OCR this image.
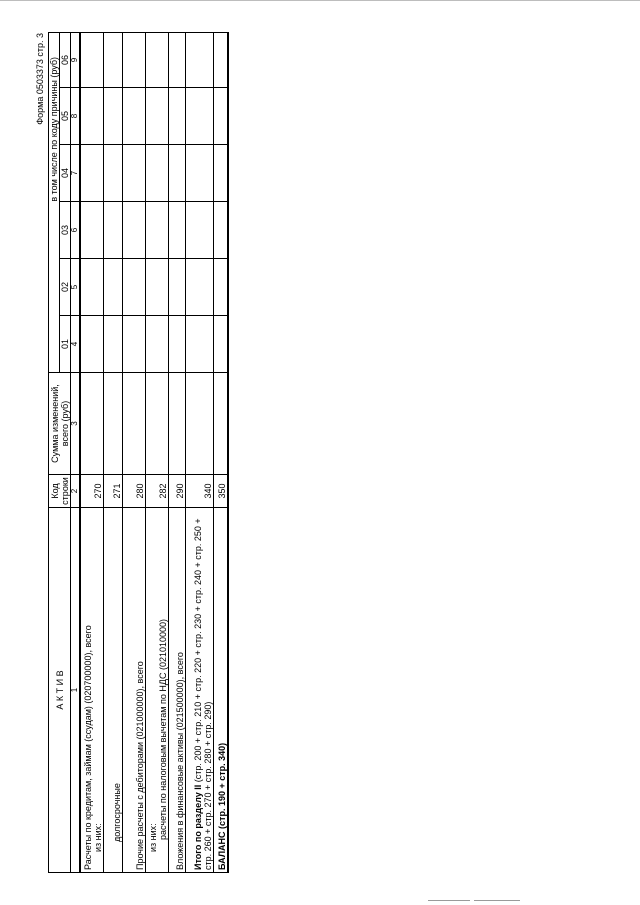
Форма 0503373 стр. 3
А К Т И В	Код строки	Сумма изменений, всего (руб)	в том числе по коду причины (руб)					
			01	02	03	04	05	06
1	2	3	4	5	6	7	8	9

Расчеты по кредитам, займам (ссудам) (020700000), всего из них:	270							
долгосрочные	271							
Прочие расчеты с дебиторами (021000000), всего	280							

из них: расчеты по налоговым вычетам по НДС (021010000)	282							
Вложения в финансовые активы (021500000), всего	290							
Итого по разделу II (стр. 200 + стр. 210 + стр. 220 + стр. 230 + стр. 240 + стр. 250 + стр. 260 + стр. 270 + стр. 280 + стр. 290)	340							
БАЛАНС (стр. 190 + стр. 340)	350							
